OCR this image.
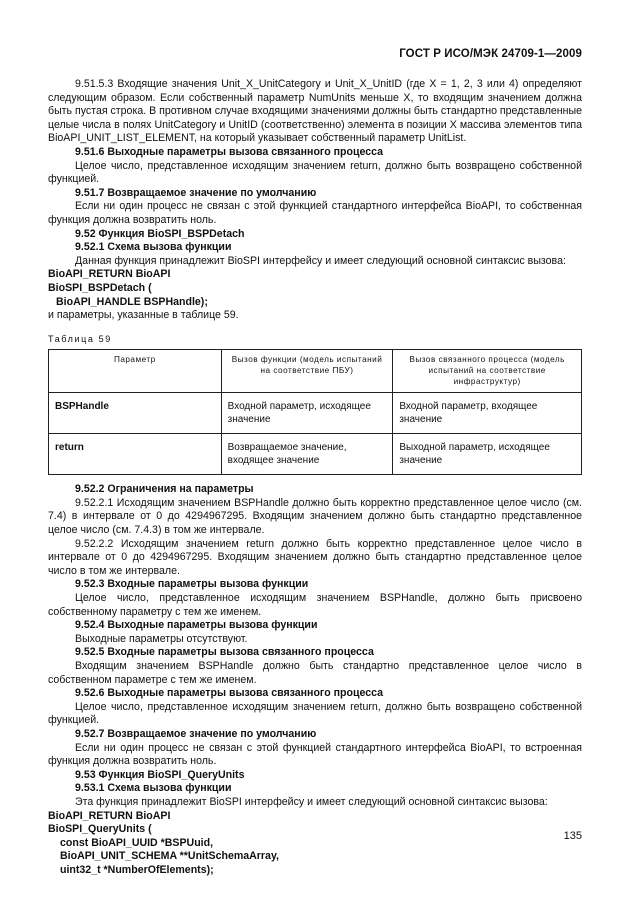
ГОСТ Р ИСО/МЭК 24709-1—2009

9.51.5.3 Входящие значения Unit_X_UnitCategory и Unit_X_UnitID (где X = 1, 2, 3 или 4) определяют следующим образом. Если собственный параметр NumUnits меньше X, то входящим значением должна быть пустая строка. В противном случае входящими значениями должны быть стандартно представленные целые числа в полях UnitCategory и UnitID (соответственно) элемента в позиции X массива элементов типа BioAPI_UNIT_LIST_ELEMENT, на который указывает собственный параметр UnitList.

9.51.6 Выходные параметры вызова связанного процесса

Целое число, представленное исходящим значением return, должно быть возвращено собственной функцией.

9.51.7 Возвращаемое значение по умолчанию

Если ни один процесс не связан с этой функцией стандартного интерфейса BioAPI, то собственная функция должна возвратить ноль.

9.52 Функция BioSPI_BSPDetach

9.52.1 Схема вызова функции

Данная функция принадлежит BioSPI интерфейсу и имеет следующий основной синтаксис вызова:

BioAPI_RETURN BioAPI

BioSPI_BSPDetach (

BioAPI_HANDLE BSPHandle);

и параметры, указанные в таблице 59.

Таблица 59

Параметр	Вызов функции (модель испытаний на соответствие ПБУ)	Вызов связанного процесса (модель испытаний на соответствие инфраструктур)
BSPHandle	Входной параметр, исходящее значение	Входной параметр, входящее значение
return	Возвращаемое значение, входящее значение	Выходной параметр, исходящее значение

9.52.2 Ограничения на параметры

9.52.2.1 Исходящим значением BSPHandle должно быть корректно представленное целое число (см. 7.4) в интервале от 0 до 4294967295. Входящим значением должно быть стандартно представленное целое число (см. 7.4.3) в том же интервале.

9.52.2.2 Исходящим значением return должно быть корректно представленное целое число в интервале от 0 до 4294967295. Входящим значением должно быть стандартно представленное целое число в том же интервале.

9.52.3 Входные параметры вызова функции

Целое число, представленное исходящим значением BSPHandle, должно быть присвоено собственному параметру с тем же именем.

9.52.4 Выходные параметры вызова функции

Выходные параметры отсутствуют.

9.52.5 Входные параметры вызова связанного процесса

Входящим значением BSPHandle должно быть стандартно представленное целое число в собственном параметре с тем же именем.

9.52.6 Выходные параметры вызова связанного процесса

Целое число, представленное исходящим значением return, должно быть возвращено собственной функцией.

9.52.7 Возвращаемое значение по умолчанию

Если ни один процесс не связан с этой функцией стандартного интерфейса BioAPI, то встроенная функция должна возвратить ноль.

9.53 Функция BioSPI_QueryUnits

9.53.1 Схема вызова функции

Эта функция принадлежит BioSPI интерфейсу и имеет следующий основной синтаксис вызова:

BioAPI_RETURN BioAPI

BioSPI_QueryUnits (

const BioAPI_UUID *BSPUuid,

BioAPI_UNIT_SCHEMA **UnitSchemaArray,

uint32_t *NumberOfElements);

135
